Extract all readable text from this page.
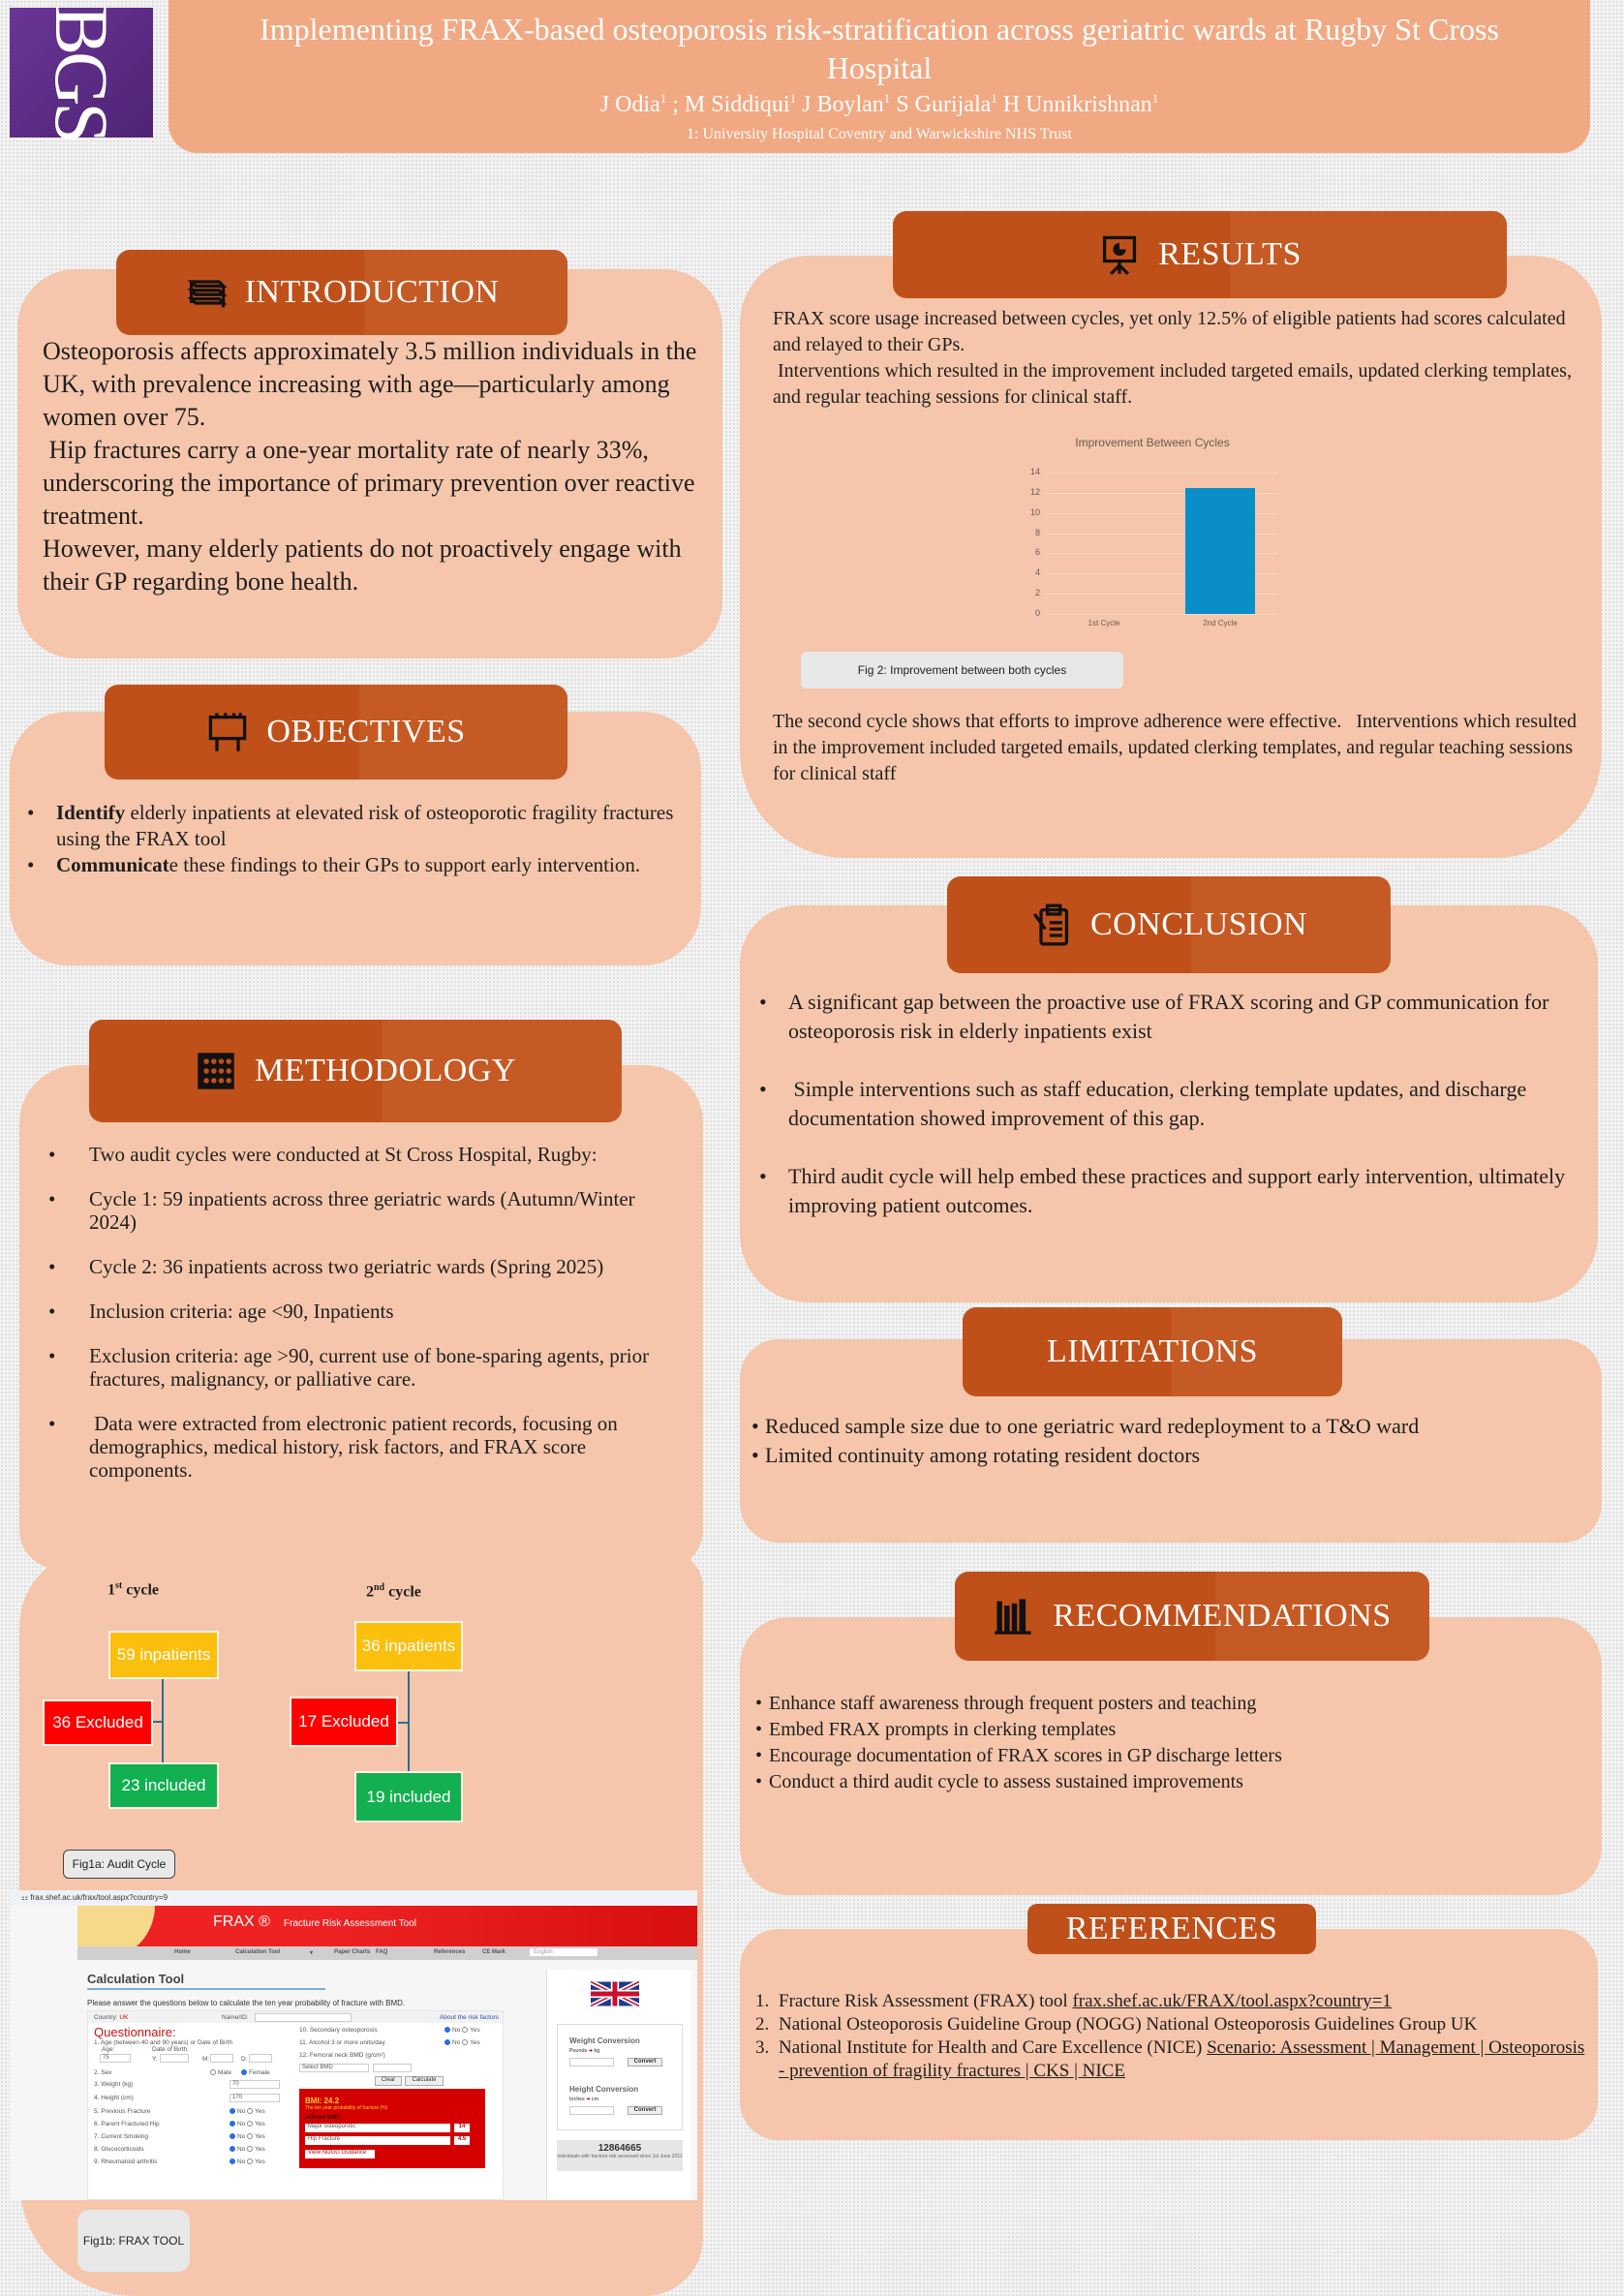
BGS	Implementing FRAX-based osteoporosis risk-stratification across geriatric wards at Rugby St Cross Hospital
J Odia$^1$ ; M Siddiqui$^1$ J Boylan$^1$ S Gurijala$^1$ H Unnikrishnan$^1$
1: University Hospital Coventry and Warwickshire NHS Trust
INTRODUCTION
Osteoporosis affects approximately 3.5 million individuals in the UK, with prevalence increasing with age—particularly among women over 75.
Hip fractures carry a one-year mortality rate of nearly 33%, underscoring the importance of primary prevention over reactive treatment.
However, many elderly patients do not proactively engage with their GP regarding bone health.
OBJECTIVES
• Identify elderly inpatients at elevated risk of osteoporotic fragility fractures using the FRAX tool
• Communicate these findings to their GPs to support early intervention.
METHODOLOGY
• Two audit cycles were conducted at St Cross Hospital, Rugby:
• Cycle 1: 59 inpatients across three geriatric wards (Autumn/Winter 2024)
• Cycle 2: 36 inpatients across two geriatric wards (Spring 2025)
• Inclusion criteria: age <90, Inpatients
• Exclusion criteria: age >90, current use of bone-sparing agents, prior fractures, malignancy, or palliative care.
•  Data were extracted from electronic patient records, focusing on demographics, medical history, risk factors, and FRAX score components.
1st cycle
59 inpatients
36 Excluded
23 included
2nd cycle
36 inpatients
17 Excluded
19 included
Fig1a: Audit Cycle
⚏ frax.shef.ac.uk/frax/tool.aspx?country=9
FRAX ® Fracture Risk Assessment Tool
Home	Calculation Tool	▾	Paper Charts FAQ	References	CE Mark	English
Calculation Tool
Please answer the questions below to calculate the ten year probability of fracture with BMD.
Country: UK	Name/ID:	About the risk factors
Questionnaire:
1. Age (between 40 and 90 years) or Date of Birth
Age:	Date of Birth:
75	Y:	M:	D:
2. Sex	Male	Female
3. Weight (kg)	70
4. Height (cm)	170
5. Previous Fracture	No Yes
6. Parent Fractured Hip	No Yes
7. Current Smoking	No Yes
8. Glucocorticoids	No Yes
9. Rheumatoid arthritis	No Yes
10. Secondary osteoporosis	No Yes
11. Alcohol 3 or more units/day	No Yes
12. Femoral neck BMD (g/cm²)
Select BMD
Clear	Calculate
BMI: 24.2
The ten year probability of fracture (%)
without BMD
Major osteoporotic	14
Hip Fracture	4.5
View NOGG Guidance
Weight Conversion
Pounds ➜ kg
Convert
Height Conversion
Inches ➜ cm
Convert
12864665
individuals with fracture risk assessed since 1st June 2011
Fig1b: FRAX TOOL
RESULTS
FRAX score usage increased between cycles, yet only 12.5% of eligible patients had scores calculated and relayed to their GPs.
Interventions which resulted in the improvement included targeted emails, updated clerking templates, and regular teaching sessions for clinical staff.
Improvement Between Cycles
0
2
4
6
8
10
12
14
1st Cycle	2nd Cycle
Fig 2: Improvement between both cycles
The second cycle shows that efforts to improve adherence were effective.   Interventions which resulted in the improvement included targeted emails, updated clerking templates, and regular teaching sessions for clinical staff
CONCLUSION
• A significant gap between the proactive use of FRAX scoring and GP communication for osteoporosis risk in elderly inpatients exist
•  Simple interventions such as staff education, clerking template updates, and discharge documentation showed improvement of this gap.
• Third audit cycle will help embed these practices and support early intervention, ultimately improving patient outcomes.
LIMITATIONS
• Reduced sample size due to one geriatric ward redeployment to a T&O ward
• Limited continuity among rotating resident doctors
RECOMMENDATIONS
• Enhance staff awareness through frequent posters and teaching
• Embed FRAX prompts in clerking templates
• Encourage documentation of FRAX scores in GP discharge letters
• Conduct a third audit cycle to assess sustained improvements
REFERENCES
1. Fracture Risk Assessment (FRAX) tool frax.shef.ac.uk/FRAX/tool.aspx?country=1
2. National Osteoporosis Guideline Group (NOGG) National Osteoporosis Guidelines Group UK
3. National Institute for Health and Care Excellence (NICE) Scenario: Assessment | Management | Osteoporosis - prevention of fragility fractures | CKS | NICE
